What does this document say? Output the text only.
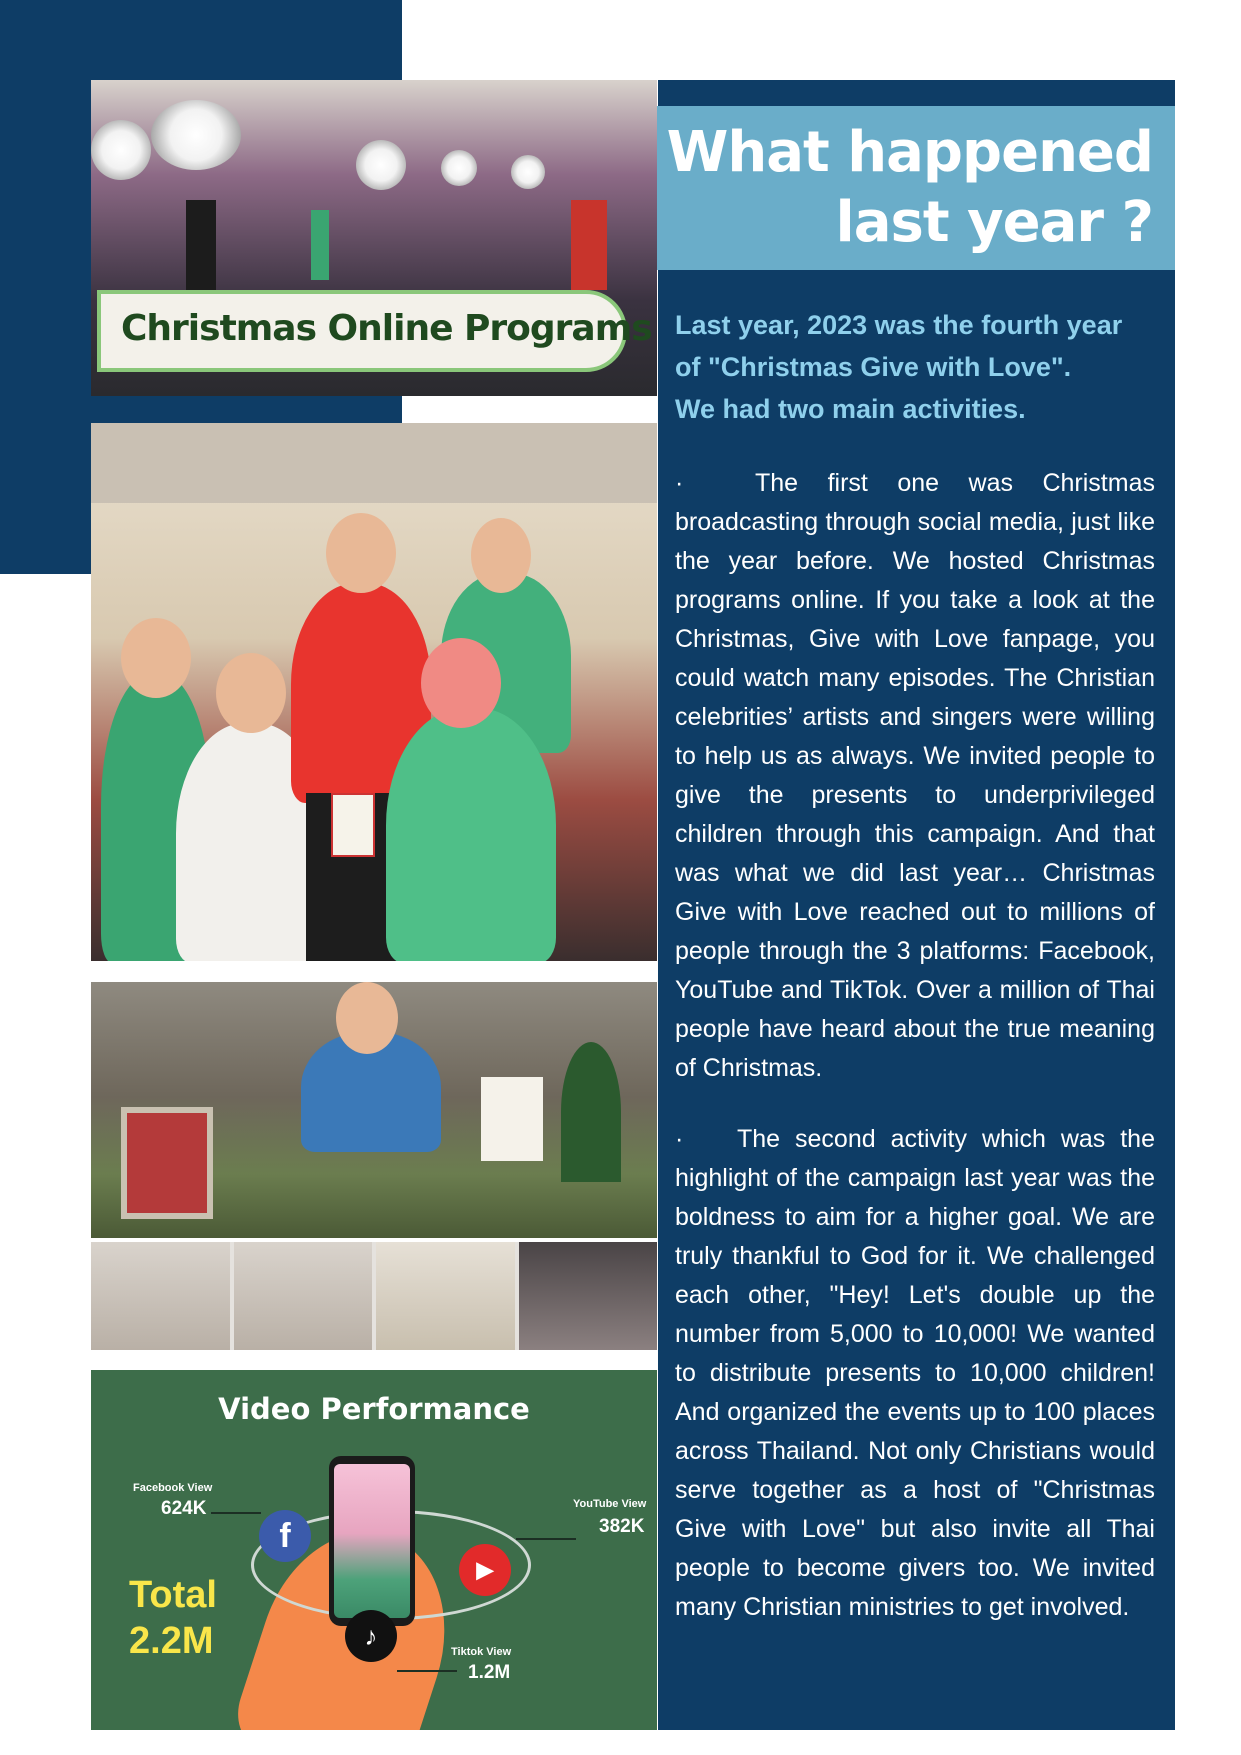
What happened
last year ?

Last year, 2023 was the fourth year
of "Christmas Give with Love".
We had two main activities.

·	The first one was Christmas broadcasting through social media, just like the year before. We hosted Christmas programs online. If you take a look at the Christmas, Give with Love fanpage, you could watch many episodes. The Christian celebrities’ artists and singers were willing to help us as always. We invited people to give the presents to underprivileged children through this campaign. And that was what we did last year… Christmas Give with Love reached out to millions of people through the 3 platforms: Facebook, YouTube and TikTok. Over a million of Thai people have heard about the true meaning of Christmas.

· The second activity which was the highlight of the campaign last year was the boldness to aim for a higher goal. We are truly thankful to God for it. We challenged each other, "Hey! Let's double up the number from 5,000 to 10,000! We wanted to distribute presents to 10,000 children! And organized the events up to 100 places across Thailand. Not only Christians would serve together as a host of "Christmas Give with Love" but also invite all Thai people to become givers too. We invited many Christian ministries to get involved.

Christmas Online Programs
Video Performance
f
▶
♪
Facebook View
624K	YouTube View
382K
Tiktok View
1.2M
Total
2.2M
